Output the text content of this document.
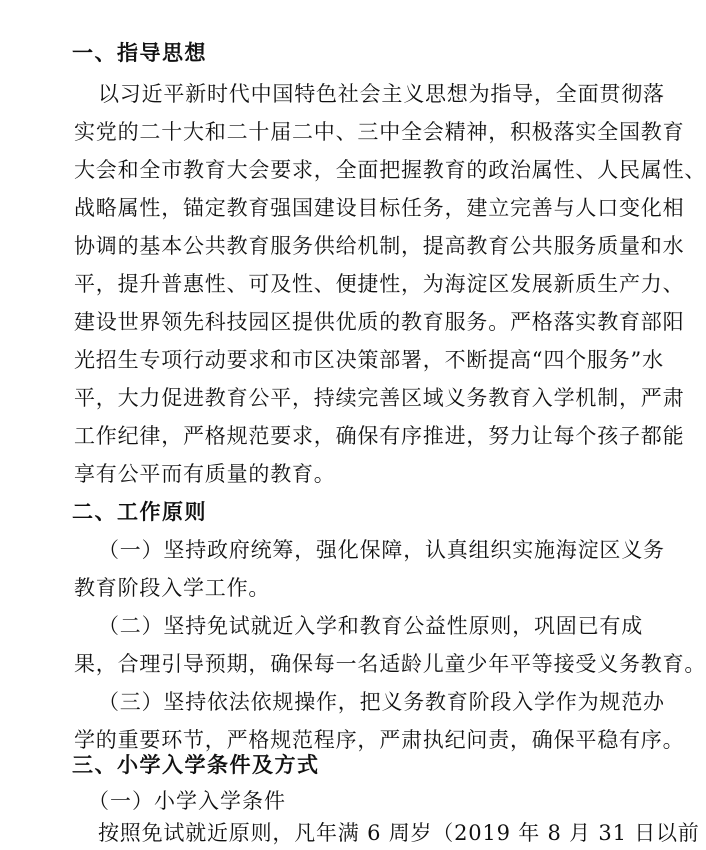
一、指导思想
以习近平新时代中国特色社会主义思想为指导，全面贯彻落
实党的二十大和二十届二中、三中全会精神，积极落实全国教育
大会和全市教育大会要求，全面把握教育的政治属性、人民属性、
战略属性，锚定教育强国建设目标任务，建立完善与人口变化相
协调的基本公共教育服务供给机制，提高教育公共服务质量和水
平，提升普惠性、可及性、便捷性，为海淀区发展新质生产力、
建设世界领先科技园区提供优质的教育服务。严格落实教育部阳
光招生专项行动要求和市区决策部署，不断提高“四个服务”水
平，大力促进教育公平，持续完善区域义务教育入学机制，严肃
工作纪律，严格规范要求，确保有序推进，努力让每个孩子都能
享有公平而有质量的教育。
二、工作原则
（一）坚持政府统筹，强化保障，认真组织实施海淀区义务
教育阶段入学工作。
（二）坚持免试就近入学和教育公益性原则，巩固已有成
果，合理引导预期，确保每一名适龄儿童少年平等接受义务教育。
（三）坚持依法依规操作，把义务教育阶段入学作为规范办
学的重要环节，严格规范程序，严肃执纪问责，确保平稳有序。
三、小学入学条件及方式
（一）小学入学条件
按照免试就近原则，凡年满 6 周岁（2019 年 8 月 31 日以前
